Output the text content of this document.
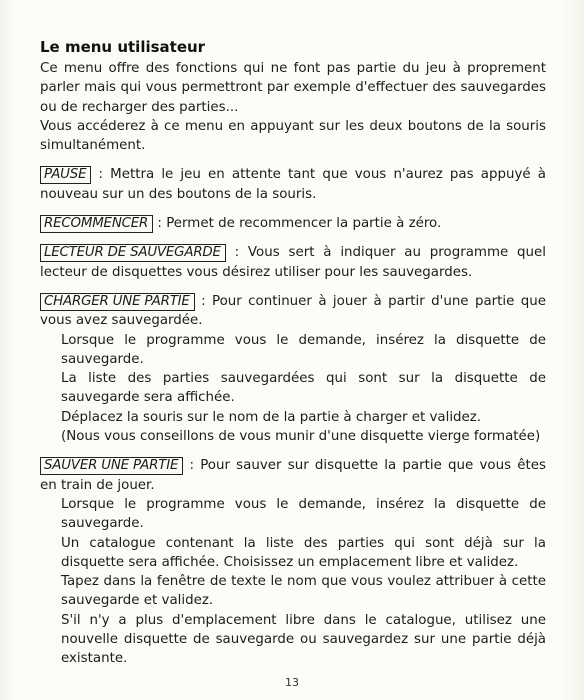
Le menu utilisateur

Ce menu offre des fonctions qui ne font pas partie du jeu à proprement parler mais qui vous permettront par exemple d'effectuer des sauvegardes ou de recharger des parties...

Vous accéderez à ce menu en appuyant sur les deux boutons de la souris simultanément.

PAUSE : Mettra le jeu en attente tant que vous n'aurez pas appuyé à nouveau sur un des boutons de la souris.

RECOMMENCER : Permet de recommencer la partie à zéro.

LECTEUR DE SAUVEGARDE : Vous sert à indiquer au programme quel lecteur de disquettes vous désirez utiliser pour les sauvegardes.

CHARGER UNE PARTIE : Pour continuer à jouer à partir d'une partie que vous avez sauvegardée.

Lorsque le programme vous le demande, insérez la disquette de sauvegarde.

La liste des parties sauvegardées qui sont sur la disquette de sauvegarde sera affichée.

Déplacez la souris sur le nom de la partie à charger et validez.

(Nous vous conseillons de vous munir d'une disquette vierge formatée)

SAUVER UNE PARTIE : Pour sauver sur disquette la partie que vous êtes en train de jouer.

Lorsque le programme vous le demande, insérez la disquette de sauvegarde.

Un catalogue contenant la liste des parties qui sont déjà sur la disquette sera affichée. Choisissez un emplacement libre et validez.

Tapez dans la fenêtre de texte le nom que vous voulez attribuer à cette sauvegarde et validez.

S'il n'y a plus d'emplacement libre dans le catalogue, utilisez une nouvelle disquette de sauvegarde ou sauvegardez sur une partie déjà existante.

13
